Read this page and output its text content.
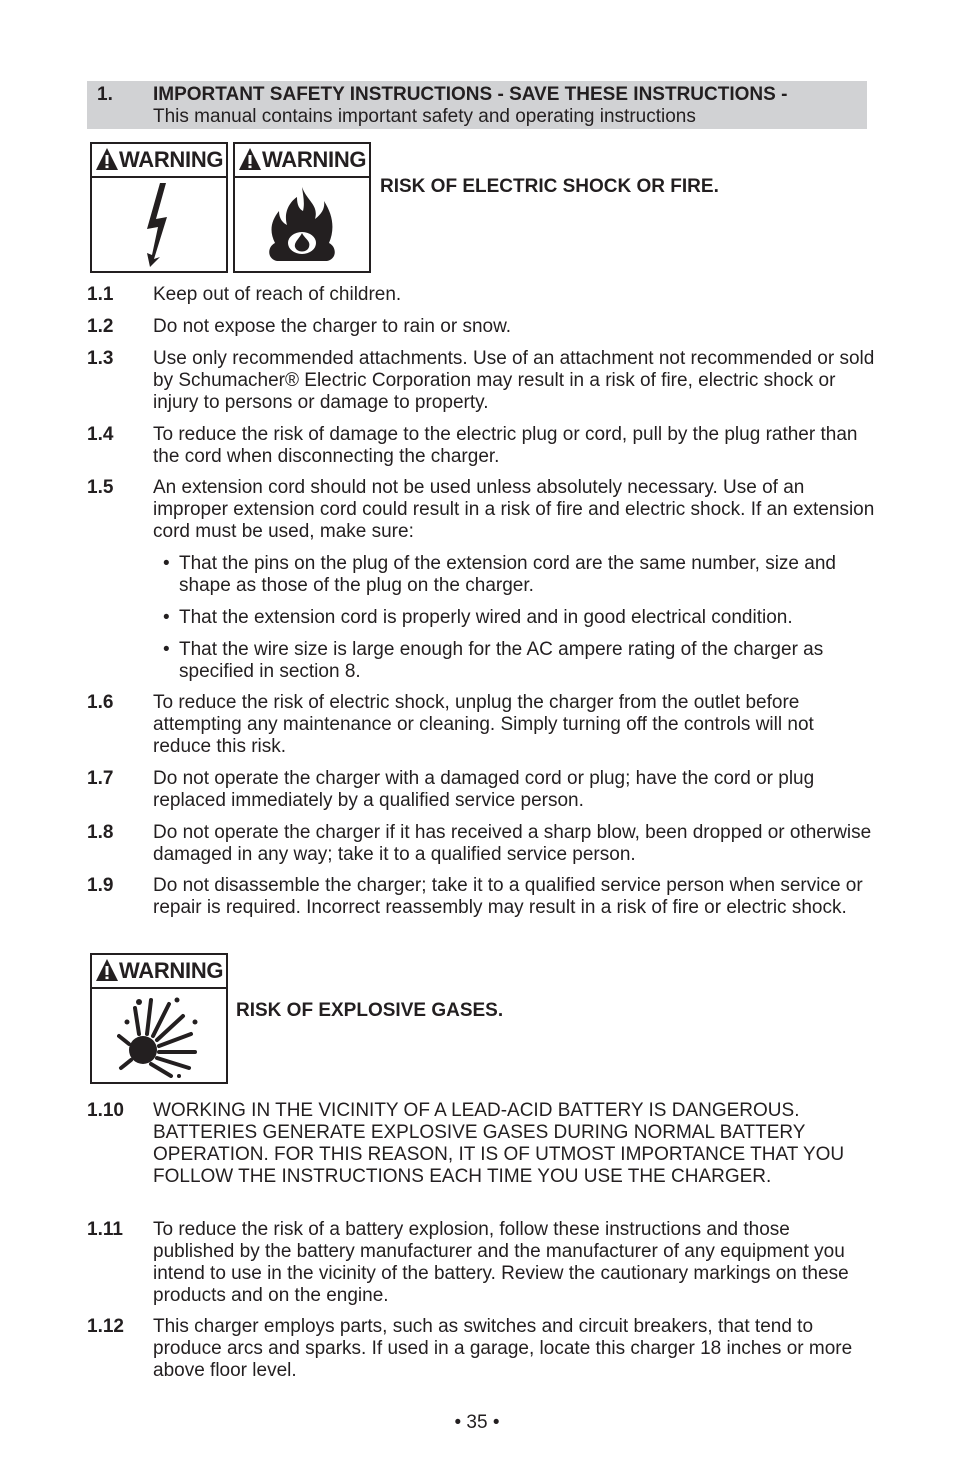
1. IMPORTANT SAFETY INSTRUCTIONS - SAVE THESE INSTRUCTIONS -
This manual contains important safety and operating instructions
WARNING WARNING
RISK OF ELECTRIC SHOCK OR FIRE.
1.1 Keep out of reach of children.
1.2 Do not expose the charger to rain or snow.
1.3 Use only recommended attachments. Use of an attachment not recommended or sold by Schumacher® Electric Corporation may result in a risk of fire, electric shock or injury to persons or damage to property.
1.4 To reduce the risk of damage to the electric plug or cord, pull by the plug rather than the cord when disconnecting the charger.
1.5 An extension cord should not be used unless absolutely necessary. Use of an improper extension cord could result in a risk of fire and electric shock. If an extension cord must be used, make sure:
• That the pins on the plug of the extension cord are the same number, size and shape as those of the plug on the charger.
• That the extension cord is properly wired and in good electrical condition.
• That the wire size is large enough for the AC ampere rating of the charger as specified in section 8.
1.6 To reduce the risk of electric shock, unplug the charger from the outlet before attempting any maintenance or cleaning. Simply turning off the controls will not reduce this risk.
1.7 Do not operate the charger with a damaged cord or plug; have the cord or plug replaced immediately by a qualified service person.
1.8 Do not operate the charger if it has received a sharp blow, been dropped or otherwise damaged in any way; take it to a qualified service person.
1.9 Do not disassemble the charger; take it to a qualified service person when service or repair is required. Incorrect reassembly may result in a risk of fire or electric shock.
WARNING
RISK OF EXPLOSIVE GASES.
1.10 WORKING IN THE VICINITY OF A LEAD-ACID BATTERY IS DANGEROUS. BATTERIES GENERATE EXPLOSIVE GASES DURING NORMAL BATTERY OPERATION. FOR THIS REASON, IT IS OF UTMOST IMPORTANCE THAT YOU FOLLOW THE INSTRUCTIONS EACH TIME YOU USE THE CHARGER.
1.11 To reduce the risk of a battery explosion, follow these instructions and those published by the battery manufacturer and the manufacturer of any equipment you intend to use in the vicinity of the battery. Review the cautionary markings on these products and on the engine.
1.12 This charger employs parts, such as switches and circuit breakers, that tend to produce arcs and sparks. If used in a garage, locate this charger 18 inches or more above floor level.
• 35 •
